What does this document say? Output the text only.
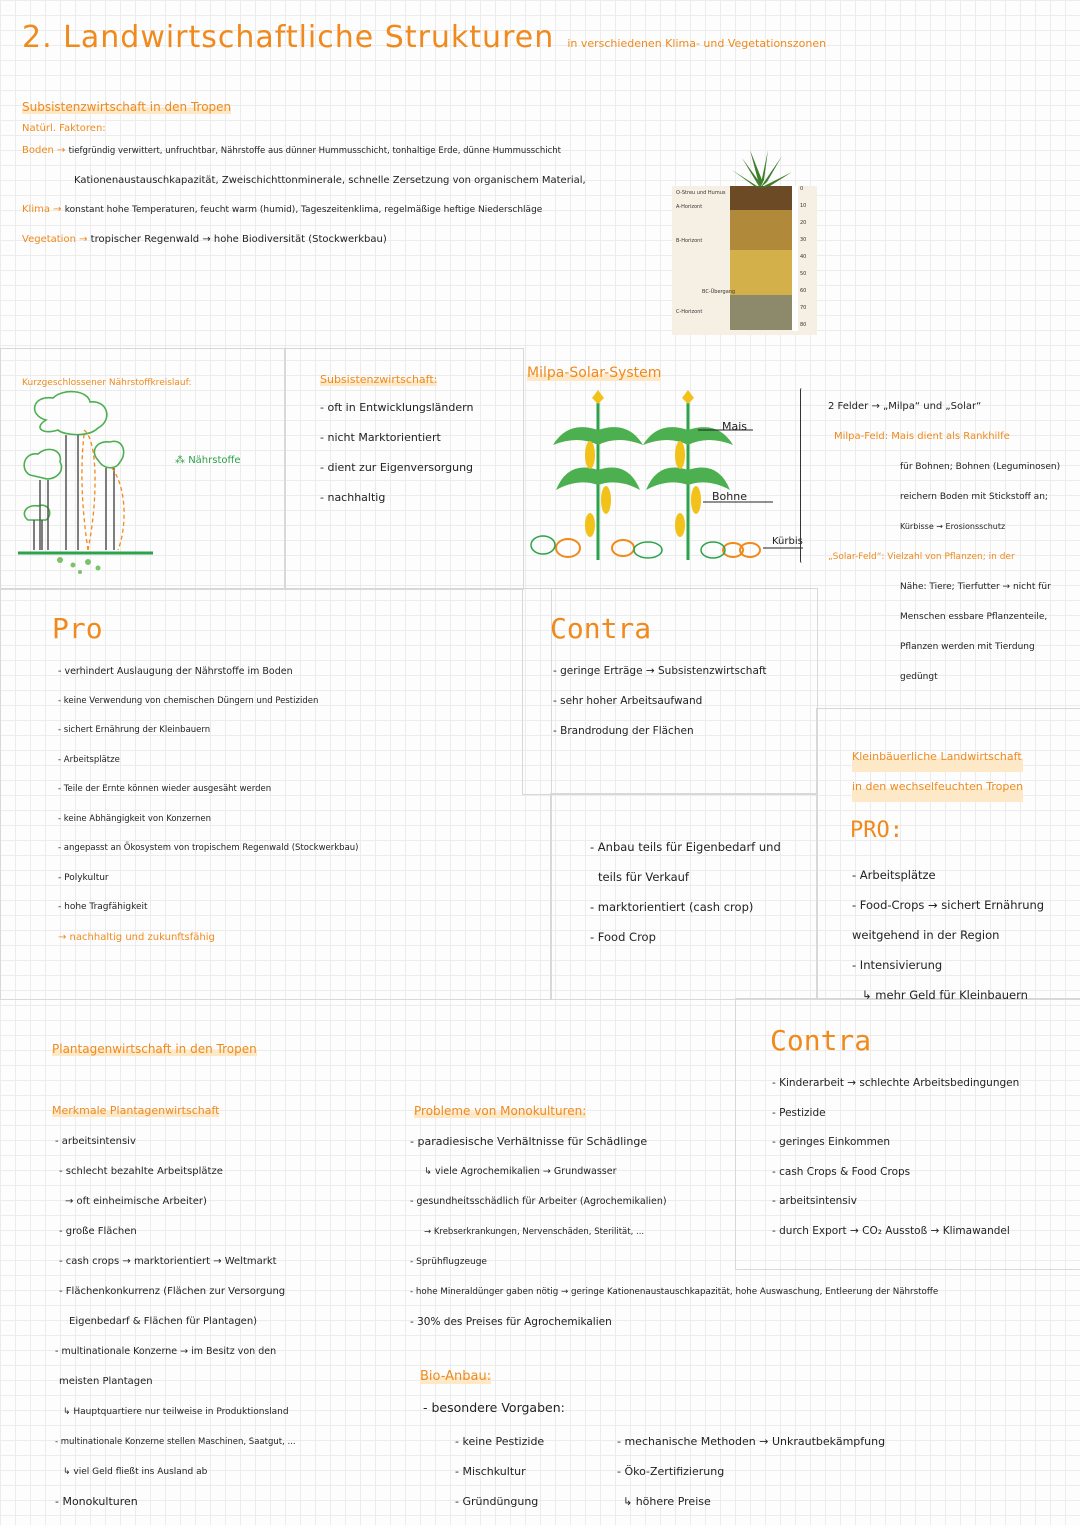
2. Landwirtschaftliche Strukturen in verschiedenen Klima- und Vegetationszonen
Subsistenzwirtschaft in den Tropen
Natürl. Faktoren:
Boden → tiefgründig verwittert, unfruchtbar, Nährstoffe aus dünner Hummusschicht, tonhaltige Erde, dünne Hummusschicht
Kationenaustauschkapazität, Zweischichttonminerale, schnelle Zersetzung von organischem Material,
Klima → konstant hohe Temperaturen, feucht warm (humid), Tageszeitenklima, regelmäßige heftige Niederschläge
Vegetation → tropischer Regenwald → hohe Biodiversität (Stockwerkbau)
O-Streu und Humus
A-Horizont
B-Horizont
BC-Übergang
C-Horizont
0
10
20
30
40
50
60
70
80
Kurzgeschlossener Nährstoffkreislauf:
⁂ Nährstoffe
Subsistenzwirtschaft:
- oft in Entwicklungsländern
- nicht Marktorientiert
- dient zur Eigenversorgung
- nachhaltig
Milpa-Solar-System
Mais
Bohne
Kürbis
2 Felder → „Milpa“ und „Solar“
Milpa-Feld: Mais dient als Rankhilfe
für Bohnen; Bohnen (Leguminosen)
reichern Boden mit Stickstoff an;
Kürbisse → Erosionsschutz
„Solar-Feld“: Vielzahl von Pflanzen; in der
Nähe: Tiere; Tierfutter → nicht für
Menschen essbare Pflanzenteile,
Pflanzen werden mit Tierdung
gedüngt
Pro
- verhindert Auslaugung der Nährstoffe im Boden
- keine Verwendung von chemischen Düngern und Pestiziden
- sichert Ernährung der Kleinbauern
- Arbeitsplätze
- Teile der Ernte können wieder ausgesäht werden
- keine Abhängigkeit von Konzernen
- angepasst an Ökosystem von tropischem Regenwald (Stockwerkbau)
- Polykultur
- hohe Tragfähigkeit
→ nachhaltig und zukunftsfähig
Contra
- geringe Erträge → Subsistenzwirtschaft
- sehr hoher Arbeitsaufwand
- Brandrodung der Flächen
Kleinbäuerliche Landwirtschaft
in den wechselfeuchten Tropen
- Anbau teils für Eigenbedarf und
teils für Verkauf
- marktorientiert (cash crop)
- Food Crop
PRO:
- Arbeitsplätze
- Food-Crops → sichert Ernährung
weitgehend in der Region
- Intensivierung
↳ mehr Geld für Kleinbauern
Plantagenwirtschaft in den Tropen
Merkmale Plantagenwirtschaft
- arbeitsintensiv
- schlecht bezahlte Arbeitsplätze
→ oft einheimische Arbeiter)
- große Flächen
- cash crops → marktorientiert → Weltmarkt
- Flächenkonkurrenz (Flächen zur Versorgung
Eigenbedarf & Flächen für Plantagen)
- multinationale Konzerne → im Besitz von den
meisten Plantagen
↳ Hauptquartiere nur teilweise in Produktionsland
- multinationale Konzerne stellen Maschinen, Saatgut, ...
↳ viel Geld fließt ins Ausland ab
- Monokulturen
Probleme von Monokulturen:
- paradiesische Verhältnisse für Schädlinge
↳ viele Agrochemikalien → Grundwasser
- gesundheitsschädlich für Arbeiter (Agrochemikalien)
→ Krebserkrankungen, Nervenschäden, Sterilität, ...
- Sprühflugzeuge
- hohe Mineraldünger gaben nötig → geringe Kationenaustauschkapazität, hohe Auswaschung, Entleerung der Nährstoffe
- 30% des Preises für Agrochemikalien
Contra
- Kinderarbeit → schlechte Arbeitsbedingungen
- Pestizide
- geringes Einkommen
- cash Crops & Food Crops
- arbeitsintensiv
- durch Export → CO₂ Ausstoß → Klimawandel
Bio-Anbau:
- besondere Vorgaben:
- keine Pestizide
- Mischkultur
- Gründüngung
- mechanische Methoden → Unkrautbekämpfung
- Öko-Zertifizierung
↳ höhere Preise
